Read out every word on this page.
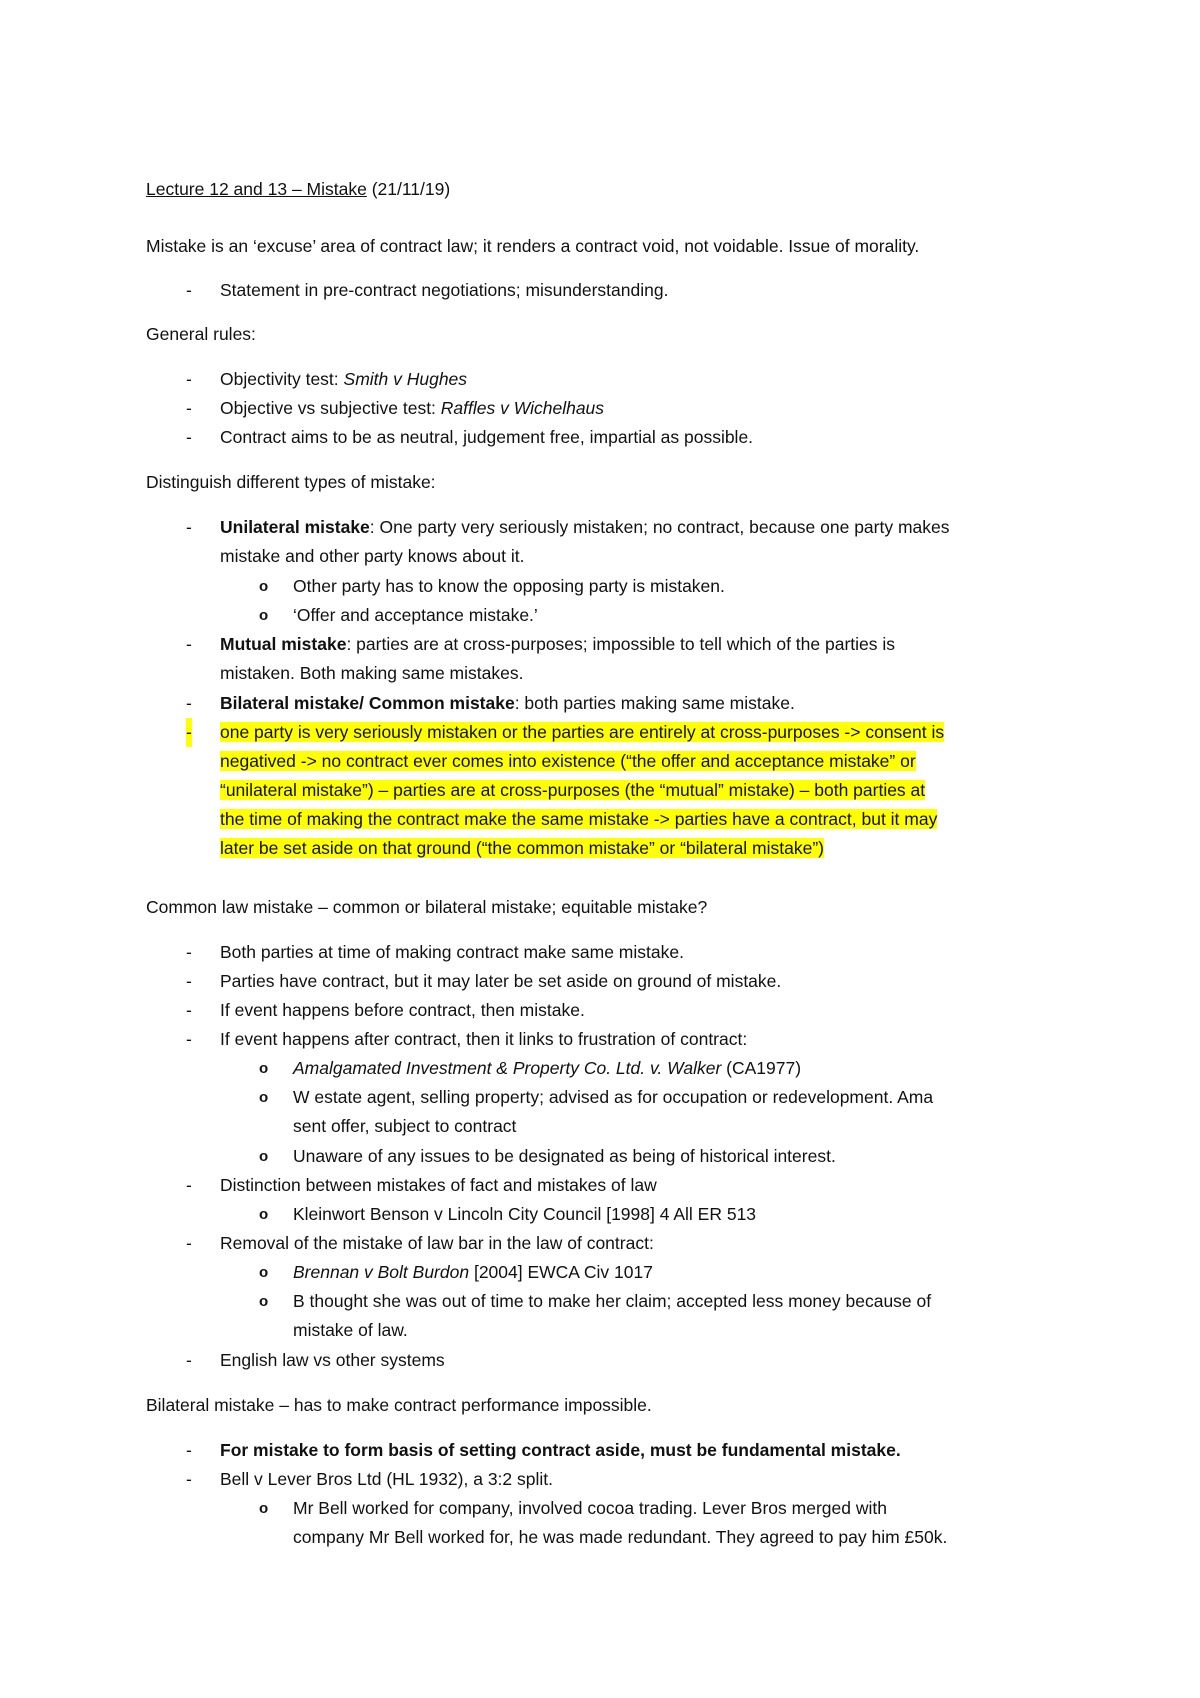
Lecture 12 and 13 – Mistake (21/11/19)
Mistake is an ‘excuse’ area of contract law; it renders a contract void, not voidable. Issue of morality.
- Statement in pre-contract negotiations; misunderstanding.
General rules:
- Objectivity test: Smith v Hughes
- Objective vs subjective test: Raffles v Wichelhaus
- Contract aims to be as neutral, judgement free, impartial as possible.
Distinguish different types of mistake:
- Unilateral mistake: One party very seriously mistaken; no contract, because one party makes
mistake and other party knows about it.
o Other party has to know the opposing party is mistaken.
o ‘Offer and acceptance mistake.’
- Mutual mistake: parties are at cross-purposes; impossible to tell which of the parties is
mistaken. Both making same mistakes.
- Bilateral mistake/ Common mistake: both parties making same mistake.
- one party is very seriously mistaken or the parties are entirely at cross-purposes -> consent is
negatived -> no contract ever comes into existence (“the offer and acceptance mistake” or
“unilateral mistake”) – parties are at cross-purposes (the “mutual” mistake) – both parties at
the time of making the contract make the same mistake -> parties have a contract, but it may
later be set aside on that ground (“the common mistake” or “bilateral mistake”)
Common law mistake – common or bilateral mistake; equitable mistake?
- Both parties at time of making contract make same mistake.
- Parties have contract, but it may later be set aside on ground of mistake.
- If event happens before contract, then mistake.
- If event happens after contract, then it links to frustration of contract:
o Amalgamated Investment & Property Co. Ltd. v. Walker (CA1977)
o W estate agent, selling property; advised as for occupation or redevelopment. Ama
sent offer, subject to contract
o Unaware of any issues to be designated as being of historical interest.
- Distinction between mistakes of fact and mistakes of law
o Kleinwort Benson v Lincoln City Council [1998] 4 All ER 513
- Removal of the mistake of law bar in the law of contract:
o Brennan v Bolt Burdon [2004] EWCA Civ 1017
o B thought she was out of time to make her claim; accepted less money because of
mistake of law.
- English law vs other systems
Bilateral mistake – has to make contract performance impossible.
- For mistake to form basis of setting contract aside, must be fundamental mistake.
- Bell v Lever Bros Ltd (HL 1932), a 3:2 split.
o Mr Bell worked for company, involved cocoa trading. Lever Bros merged with
company Mr Bell worked for, he was made redundant. They agreed to pay him £50k.
